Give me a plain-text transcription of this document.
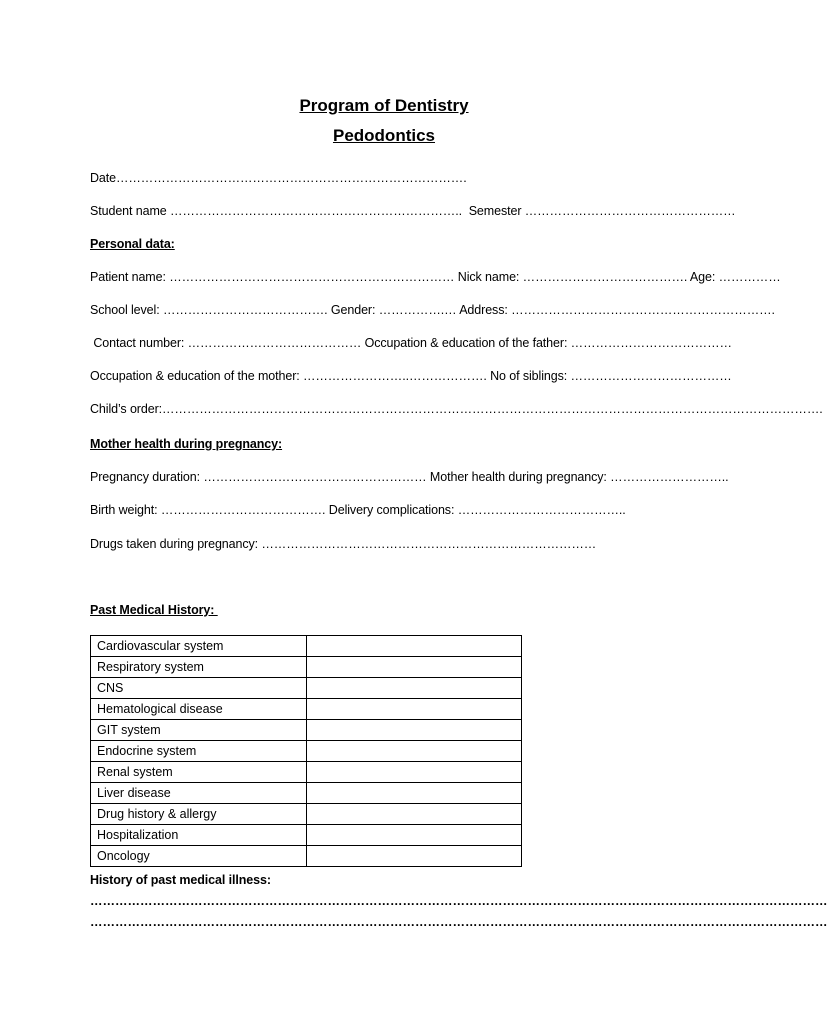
Program of Dentistry
Pedodontics
Date………………………………………………………………………….
Student name ……………………………………………………………..  Semester ……………………………………………
Personal data:
Patient name: …………………………………………………………… Nick name: …………………………………. Age: ……………
School level: …………………………………. Gender: …………….… Address: ……………………………………………………….
Contact number: …………………………………… Occupation & education of the father: …………………………………
Occupation & education of the mother: ……………………..………………. No of siblings: …………………………………
Child’s order:…………………………………………………………………………………………………………………………………………….
Mother health during pregnancy:
Pregnancy duration: ……………………………………………… Mother health during pregnancy: ………………………..
Birth weight: …………………………………. Delivery complications: …………………………………..
Drugs taken during pregnancy: ………………………………………………………………………
Past Medical History:
Cardiovascular system	
Respiratory system	
CNS	
Hematological disease	
GIT system	
Endocrine system	
Renal system	
Liver disease	
Drug history & allergy	
Hospitalization	
Oncology	
History of past medical illness:
……………………………………………………………………………………………………………………………………………………………
……………………………………………………………………………………………………………………………………………………………
